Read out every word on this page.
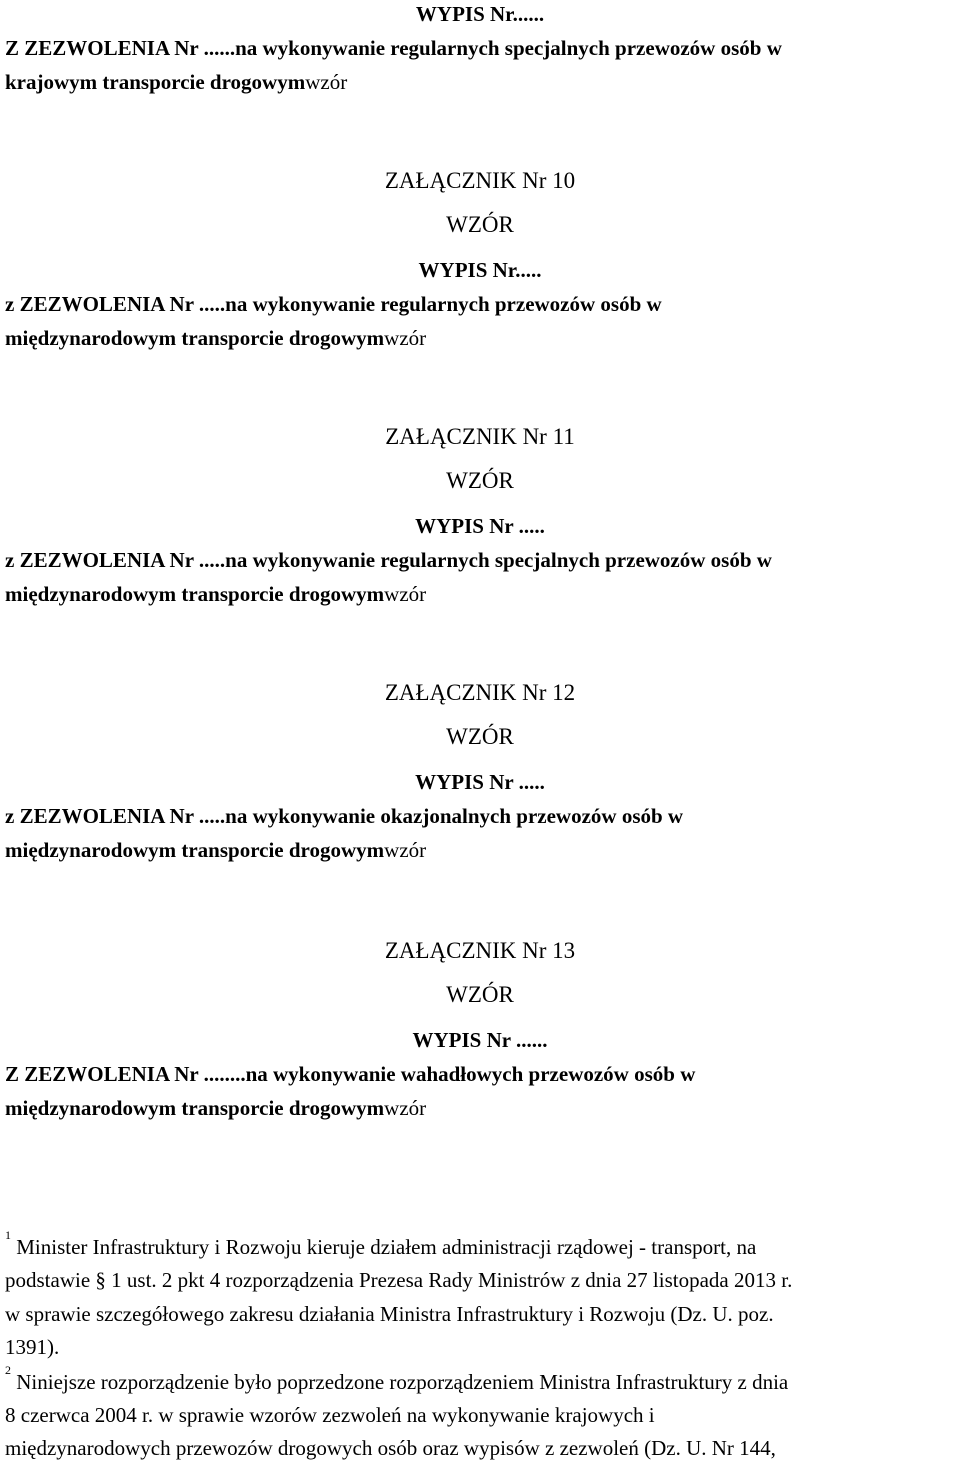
WYPIS Nr......
Z ZEZWOLENIA Nr ......na wykonywanie regularnych specjalnych przewozów osób w
krajowym transporcie drogowymwzór
ZAŁĄCZNIK Nr 10
WZÓR
WYPIS Nr.....
z ZEZWOLENIA Nr .....na wykonywanie regularnych przewozów osób w
międzynarodowym transporcie drogowymwzór
ZAŁĄCZNIK Nr 11
WZÓR
WYPIS Nr .....
z ZEZWOLENIA Nr .....na wykonywanie regularnych specjalnych przewozów osób w
międzynarodowym transporcie drogowymwzór
ZAŁĄCZNIK Nr 12
WZÓR
WYPIS Nr .....
z ZEZWOLENIA Nr .....na wykonywanie okazjonalnych przewozów osób w
międzynarodowym transporcie drogowymwzór
ZAŁĄCZNIK Nr 13
WZÓR
WYPIS Nr ......
Z ZEZWOLENIA Nr ........na wykonywanie wahadłowych przewozów osób w
międzynarodowym transporcie drogowymwzór
$^1$ Minister Infrastruktury i Rozwoju kieruje działem administracji rządowej - transport, na
podstawie § 1 ust. 2 pkt 4 rozporządzenia Prezesa Rady Ministrów z dnia 27 listopada 2013 r.
w sprawie szczegółowego zakresu działania Ministra Infrastruktury i Rozwoju (Dz. U. poz.
1391).
$^2$ Niniejsze rozporządzenie było poprzedzone rozporządzeniem Ministra Infrastruktury z dnia
8 czerwca 2004 r. w sprawie wzorów zezwoleń na wykonywanie krajowych i
międzynarodowych przewozów drogowych osób oraz wypisów z zezwoleń (Dz. U. Nr 144,
